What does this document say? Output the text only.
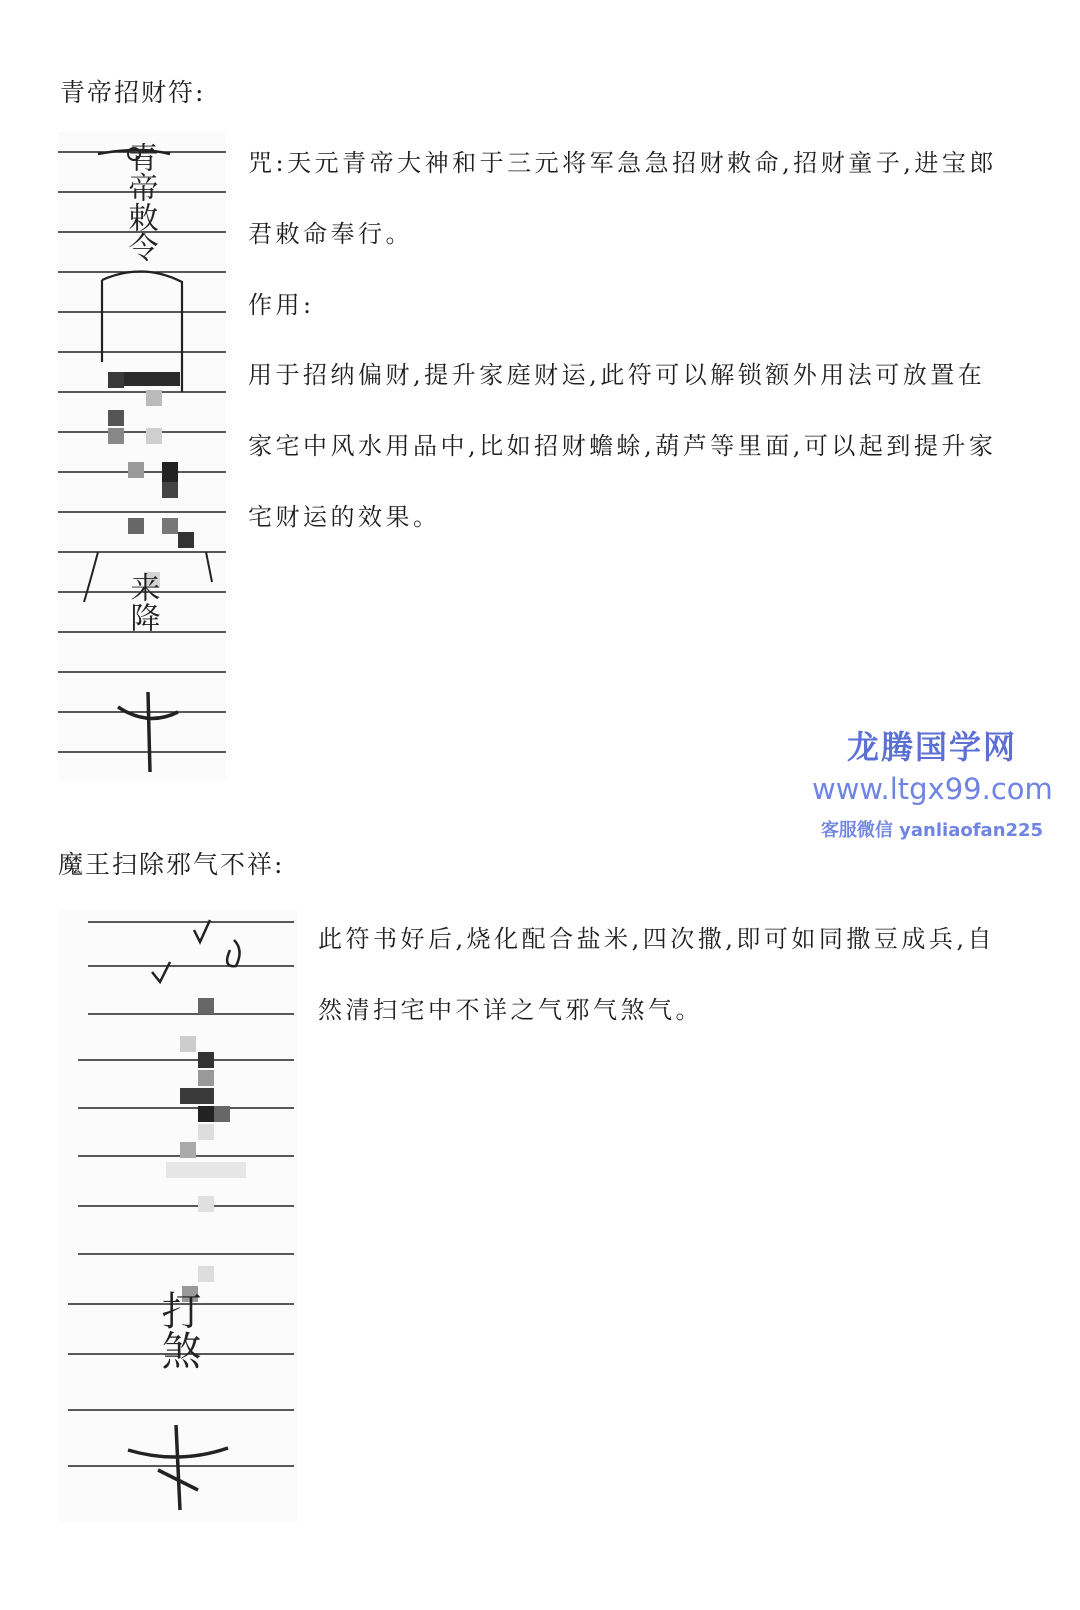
青帝招财符:
青帝敕令
来降

咒:天元青帝大神和于三元将军急急招财敕命,招财童子,进宝郎君敕命奉行。

作用:

用于招纳偏财,提升家庭财运,此符可以解锁额外用法可放置在家宅中风水用品中,比如招财蟾蜍,葫芦等里面,可以起到提升家宅财运的效果。

龙腾国学网
www.ltgx99.com
客服微信 yanliaofan225
魔王扫除邪气不祥:
打煞

此符书好后,烧化配合盐米,四次撒,即可如同撒豆成兵,自然清扫宅中不详之气邪气煞气。
